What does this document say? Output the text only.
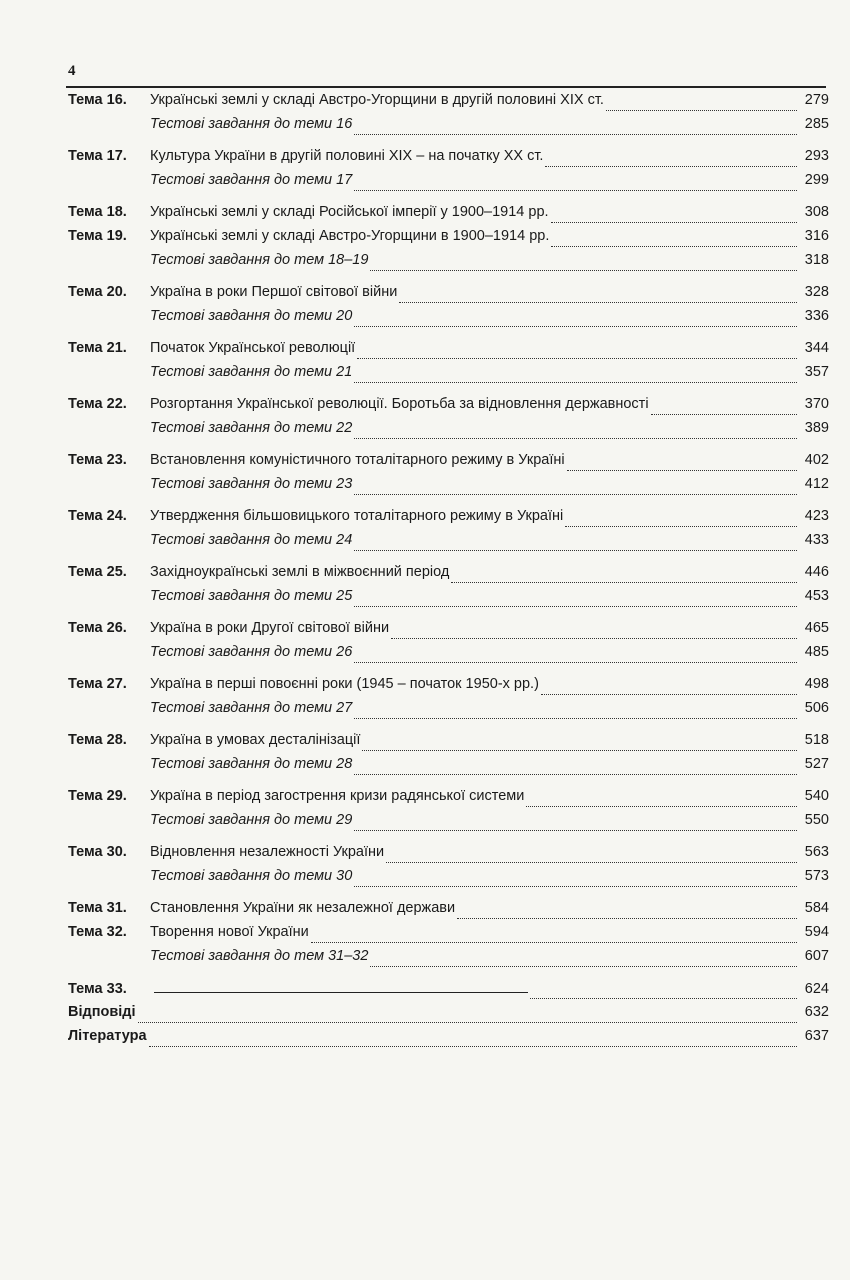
4
Тема 16.	Українські землі у складі Австро-Угорщини в другій половині XIX ст.	279
Тестові завдання до теми 16	285
Тема 17.	Культура України в другій половині XIX – на початку XX ст.	293
Тестові завдання до теми 17	299
Тема 18.	Українські землі у складі Російської імперії у 1900–1914 рр.	308
Тема 19.	Українські землі у складі Австро-Угорщини в 1900–1914 рр.	316
Тестові завдання до тем 18–19	318
Тема 20.	Україна в роки Першої світової війни	328
Тестові завдання до теми 20	336
Тема 21.	Початок Української революції	344
Тестові завдання до теми 21	357
Тема 22.	Розгортання Української революції. Боротьба за відновлення державності	370
Тестові завдання до теми 22	389
Тема 23.	Встановлення комуністичного тоталітарного режиму в Україні	402
Тестові завдання до теми 23	412
Тема 24.	Утвердження більшовицького тоталітарного режиму в Україні	423
Тестові завдання до теми 24	433
Тема 25.	Західноукраїнські землі в міжвоєнний період	446
Тестові завдання до теми 25	453
Тема 26.	Україна в роки Другої світової війни	465
Тестові завдання до теми 26	485
Тема 27.	Україна в перші повоєнні роки (1945 – початок 1950-х рр.)	498
Тестові завдання до теми 27	506
Тема 28.	Україна в умовах десталінізації	518
Тестові завдання до теми 28	527
Тема 29.	Україна в період загострення кризи радянської системи	540
Тестові завдання до теми 29	550
Тема 30.	Відновлення незалежності України	563
Тестові завдання до теми 30	573
Тема 31.	Становлення України як незалежної держави	584
Тема 32.	Творення нової України	594
Тестові завдання до тем 31–32	607
Тема 33.	624
Відповіді	632
Література	637
